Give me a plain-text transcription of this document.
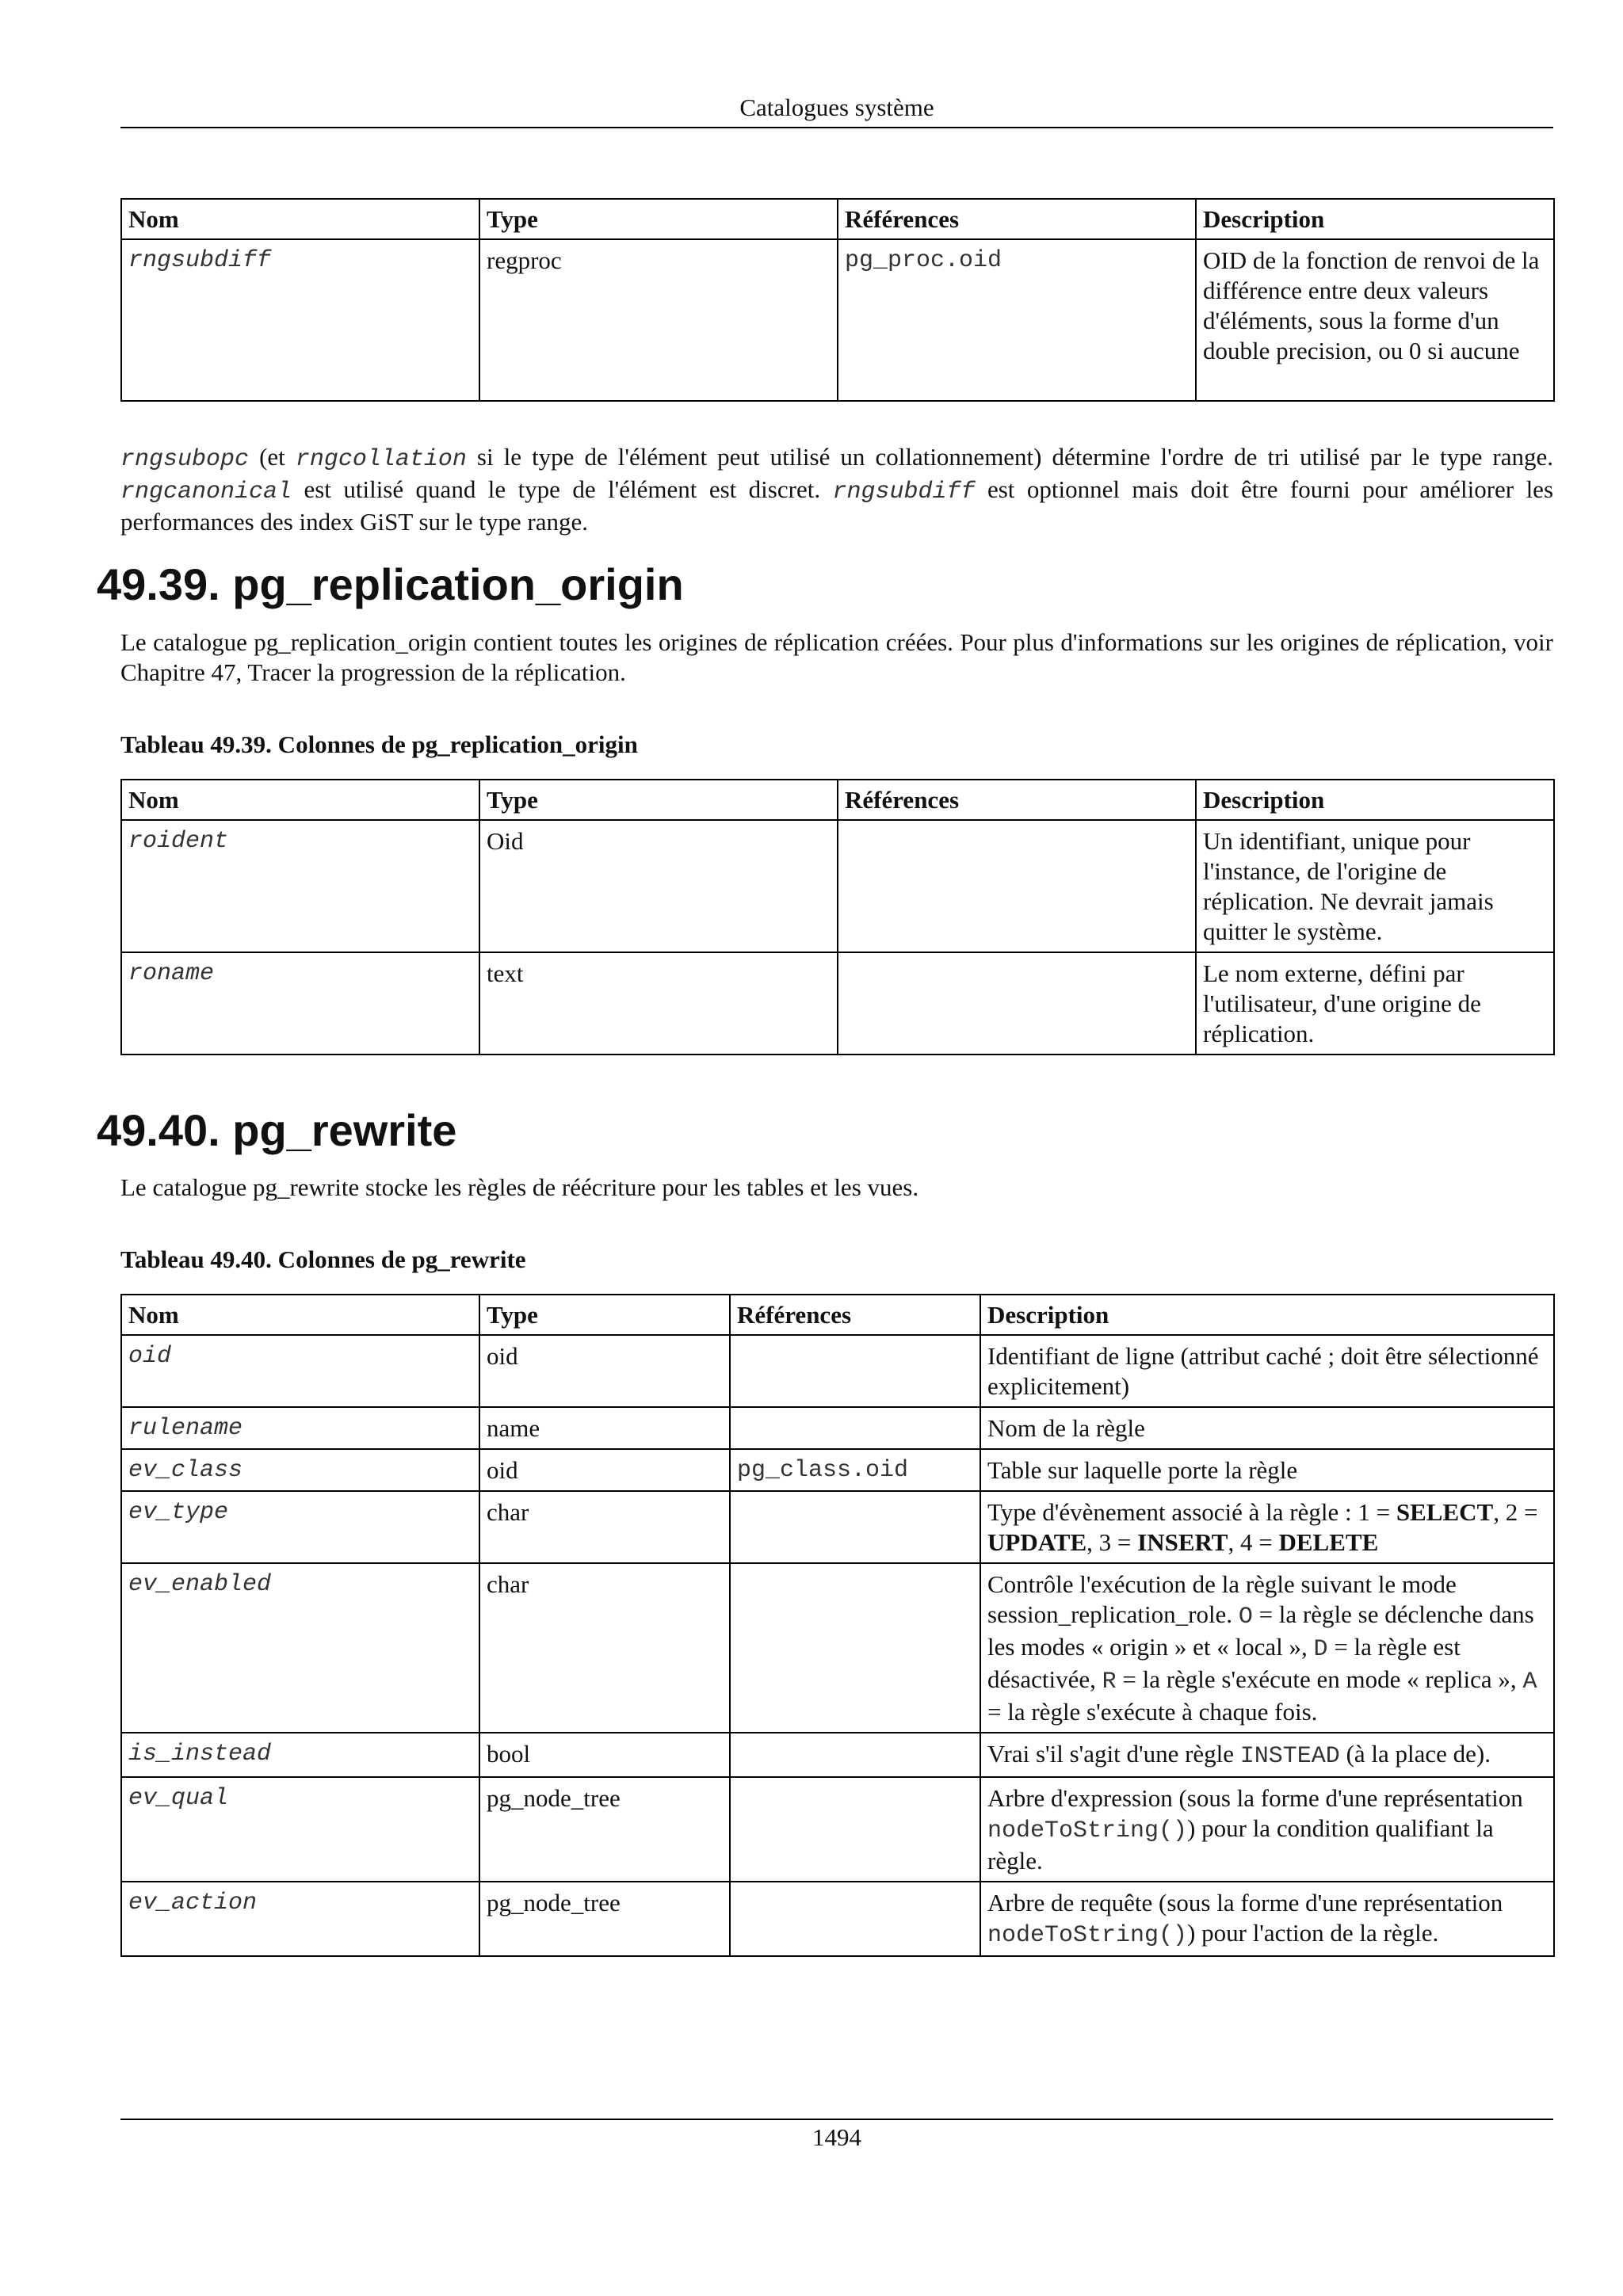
Catalogues système
Nom	Type	Références	Description
rngsubdiff	regproc	pg_proc.oid	OID de la fonction de renvoi de la différence entre deux valeurs d'éléments, sous la forme d'un double precision, ou 0 si aucune
rngsubopc (et rngcollation si le type de l'élément peut utilisé un collationnement) détermine l'ordre de tri utilisé par le type range. rngcanonical est utilisé quand le type de l'élément est discret. rngsubdiff est optionnel mais doit être fourni pour améliorer les performances des index GiST sur le type range.
49.39. pg_replication_origin
Le catalogue pg_replication_origin contient toutes les origines de réplication créées. Pour plus d'informations sur les origines de réplication, voir Chapitre 47, Tracer la progression de la réplication.
Tableau 49.39. Colonnes de pg_replication_origin
Nom	Type	Références	Description
roident	Oid		Un identifiant, unique pour l'instance, de l'origine de réplication. Ne devrait jamais quitter le système.
roname	text		Le nom externe, défini par l'utilisateur, d'une origine de réplication.
49.40. pg_rewrite
Le catalogue pg_rewrite stocke les règles de réécriture pour les tables et les vues.
Tableau 49.40. Colonnes de pg_rewrite
Nom	Type	Références	Description
oid	oid		Identifiant de ligne (attribut caché ; doit être sélectionné explicitement)
rulename	name		Nom de la règle
ev_class	oid	pg_class.oid	Table sur laquelle porte la règle
ev_type	char		Type d'évènement associé à la règle : 1 = SELECT, 2 = UPDATE, 3 = INSERT, 4 = DELETE
ev_enabled	char		Contrôle l'exécution de la règle suivant le mode session_replication_role. O = la règle se déclenche dans les modes « origin » et « local », D = la règle est désactivée, R = la règle s'exécute en mode « replica », A = la règle s'exécute à chaque fois.
is_instead	bool		Vrai s'il s'agit d'une règle INSTEAD (à la place de).
ev_qual	pg_node_tree		Arbre d'expression (sous la forme d'une représentation nodeToString()) pour la condition qualifiant la règle.
ev_action	pg_node_tree		Arbre de requête (sous la forme d'une représentation nodeToString()) pour l'action de la règle.
1494
